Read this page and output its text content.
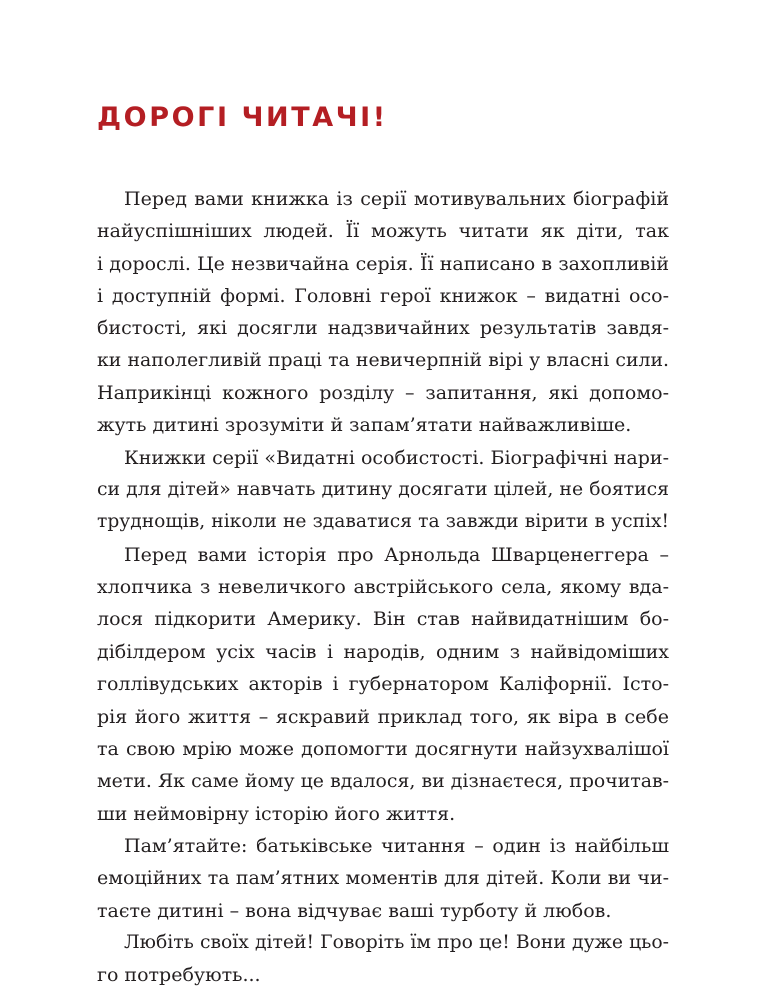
ДОРОГІ ЧИТАЧІ!
Перед вами книжка із серії мотивувальних біографій
найуспішніших людей. Її можуть читати як діти, так
і дорослі. Це незвичайна серія. Її написано в захопливій
і доступній формі. Головні герої книжок – видатні осо-
бистості, які досягли надзвичайних результатів завдя-
ки наполегливій праці та невичерпній вірі у власні сили.
Наприкінці кожного розділу – запитання, які допомо-
жуть дитині зрозуміти й запам’ятати найважливіше.
Книжки серії «Видатні особистості. Біографічні нари-
си для дітей» навчать дитину досягати цілей, не боятися
труднощів, ніколи не здаватися та завжди вірити в успіх!
Перед вами історія про Арнольда Шварценеггера –
хлопчика з невеличкого австрійського села, якому вда-
лося підкорити Америку. Він став найвидатнішим бо-
дібілдером усіх часів і народів, одним з найвідоміших
голлівудських акторів і губернатором Каліфорнії. Істо-
рія його життя – яскравий приклад того, як віра в себе
та свою мрію може допомогти досягнути найзухвалішої
мети. Як саме йому це вдалося, ви дізнаєтеся, прочитав-
ши неймовірну історію його життя.
Пам’ятайте: батьківське читання – один із найбільш
емоційних та пам’ятних моментів для дітей. Коли ви чи-
таєте дитині – вона відчуває ваші турботу й любов.
Любіть своїх дітей! Говоріть їм про це! Вони дуже цьо-
го потребують...
